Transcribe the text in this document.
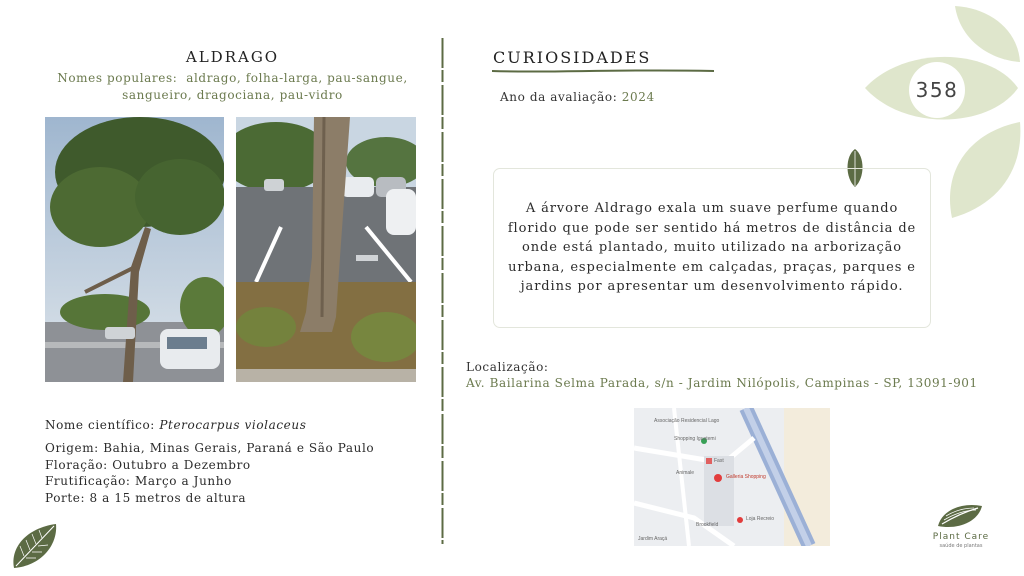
358
ALDRAGO
Nomes populares: aldrago, folha-larga, pau-sangue,
sangueiro, dragociana, pau-vidro
Nome científico: Pterocarpus violaceus
Origem: Bahia, Minas Gerais, Paraná e São Paulo
Floração: Outubro a Dezembro
Frutificação: Março a Junho
Porte: 8 a 15 metros de altura
CURIOSIDADES
Ano da avaliação: 2024

A árvore Aldrago exala um suave perfume quando florido que pode ser sentido há metros de distância de onde está plantado, muito utilizado na arborização urbana, especialmente em calçadas, praças, parques e jardins por apresentar um desenvolvimento rápido.

Localização:
Av. Bailarina Selma Parada, s/n - Jardim Nilópolis, Campinas - SP, 13091-901
Associação Residencial Lago
Shopping Iguatemi
Fast
Galleria Shopping
Animale
Loja Recreio
Brookfield
Jardim Araçá	Plant Care
saúde de plantas
